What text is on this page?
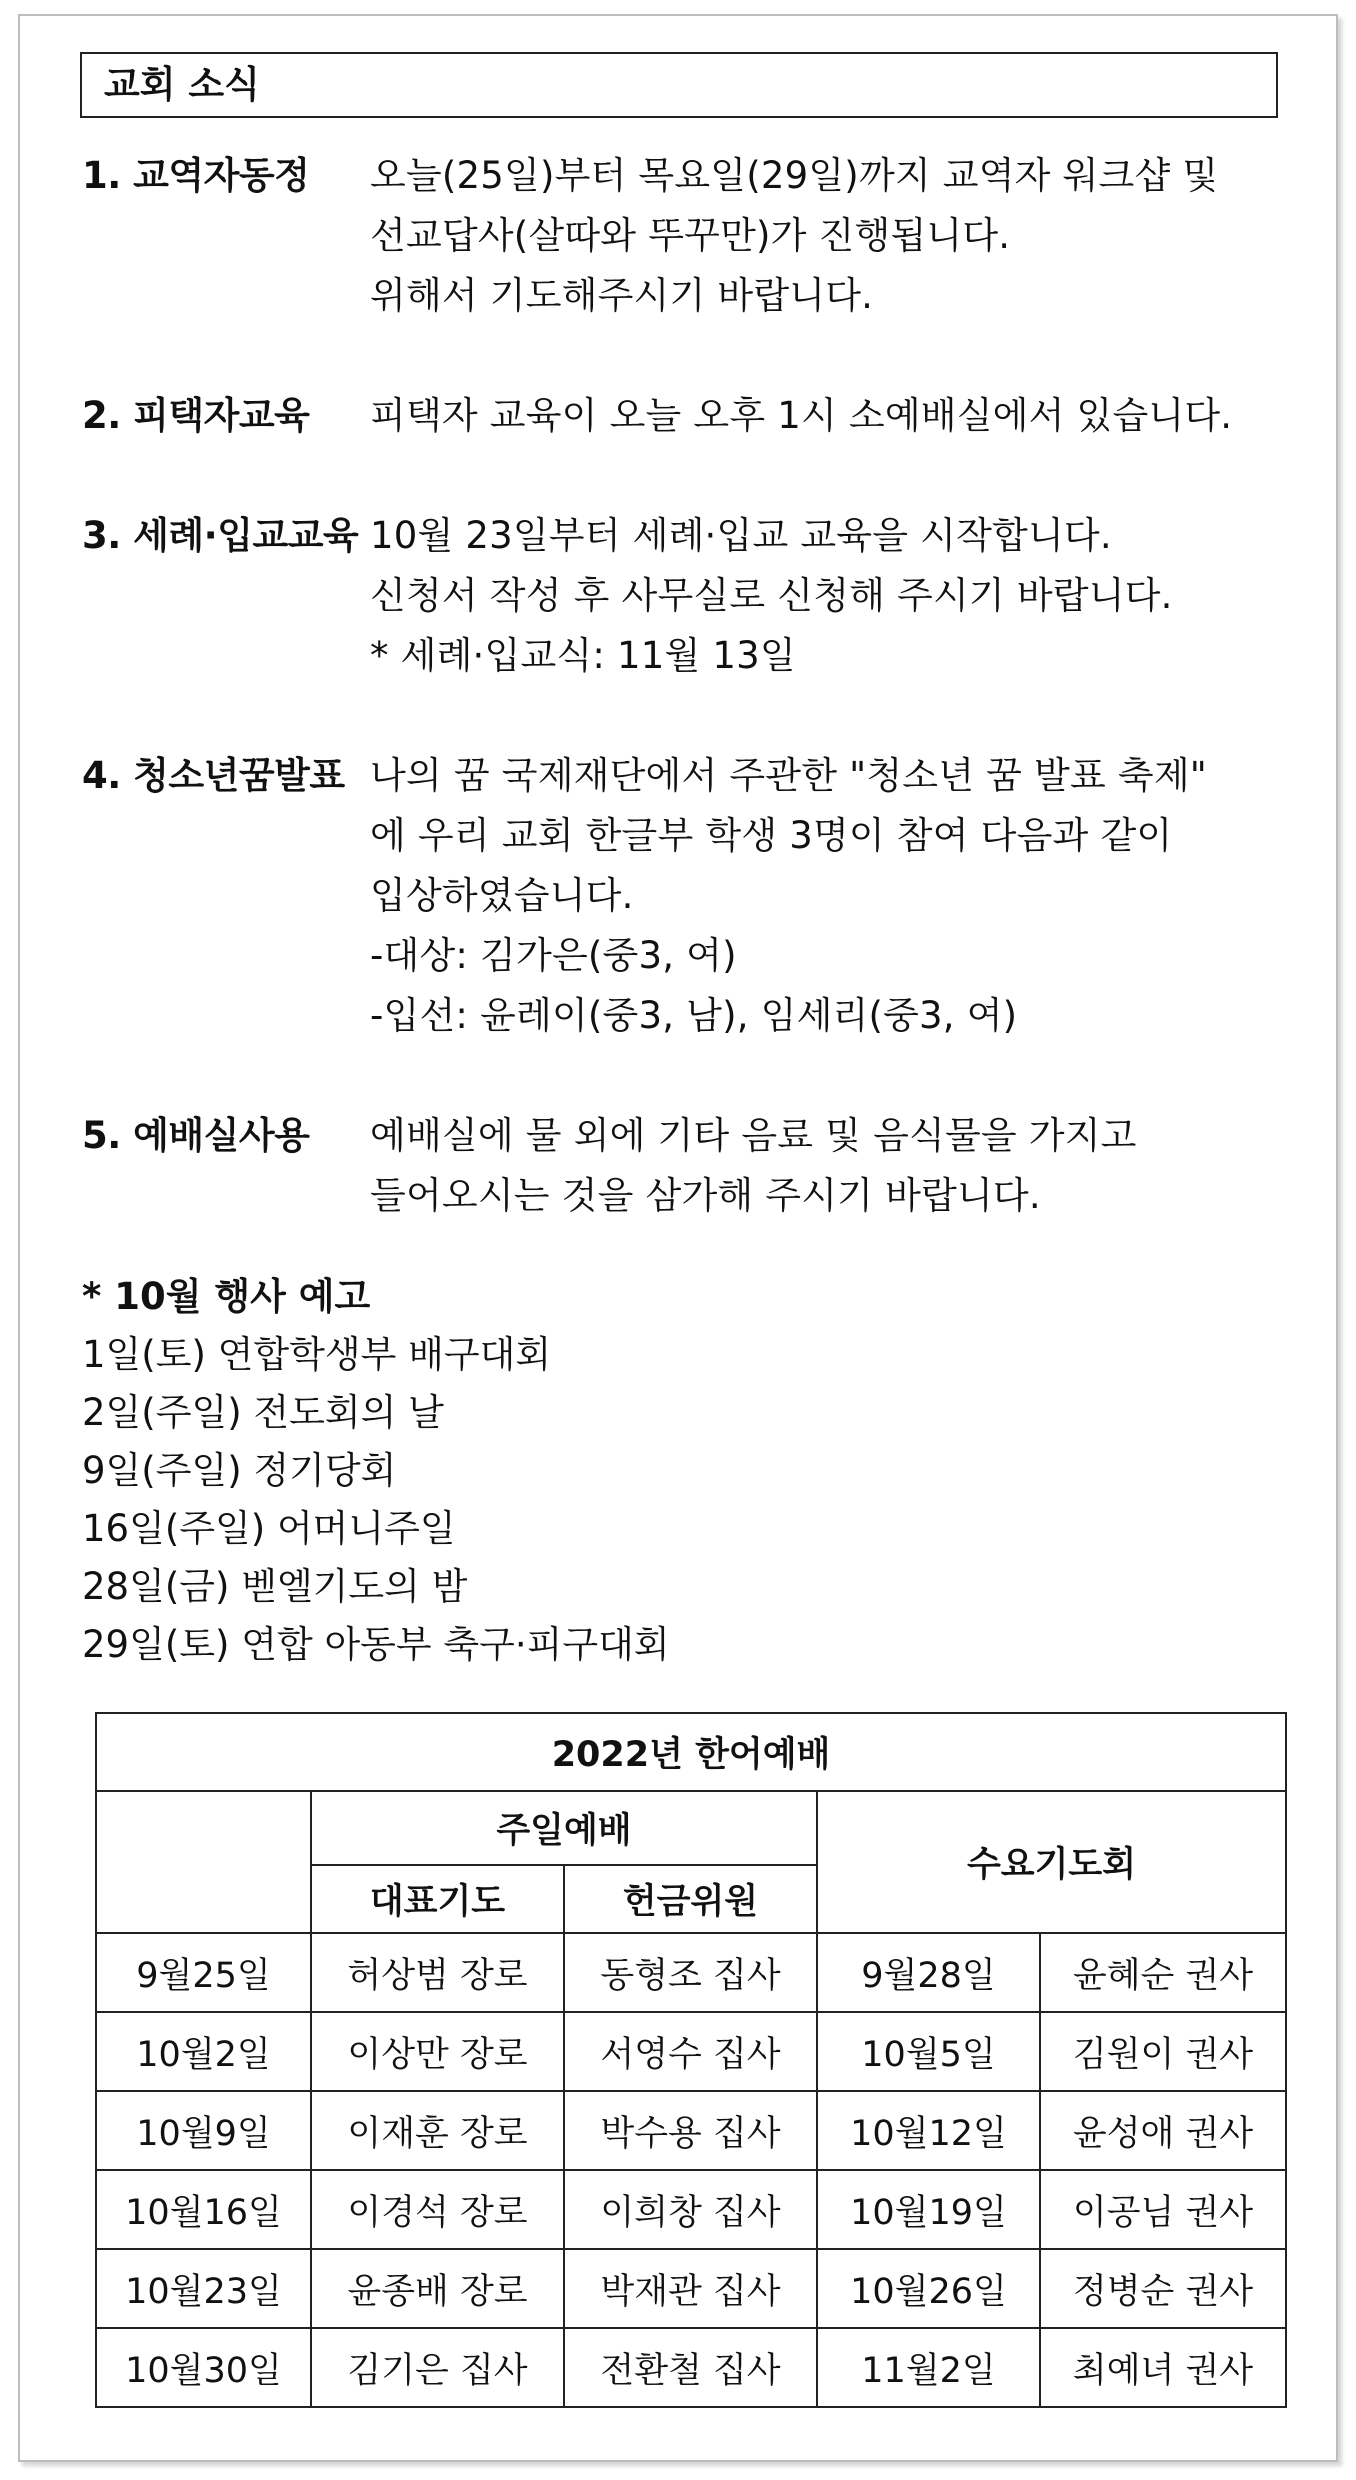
교회 소식
1. 교역자동정	오늘(25일)부터 목요일(29일)까지 교역자 워크샵 및
선교답사(살따와 뚜꾸만)가 진행됩니다.
위해서 기도해주시기 바랍니다.
2. 피택자교육	피택자 교육이 오늘 오후 1시 소예배실에서 있습니다.
3. 세례·입교교육 10월 23일부터 세례·입교 교육을 시작합니다.
신청서 작성 후 사무실로 신청해 주시기 바랍니다.
* 세례·입교식: 11월 13일
4. 청소년꿈발표 나의 꿈 국제재단에서 주관한 "청소년 꿈 발표 축제"
에 우리 교회 한글부 학생 3명이 참여 다음과 같이
입상하였습니다.
-대상: 김가은(중3, 여)
-입선: 윤레이(중3, 남), 임세리(중3, 여)
5. 예배실사용	예배실에 물 외에 기타 음료 및 음식물을 가지고
들어오시는 것을 삼가해 주시기 바랍니다.
* 10월 행사 예고
1일(토) 연합학생부 배구대회
2일(주일) 전도회의 날
9일(주일) 정기당회
16일(주일) 어머니주일
28일(금) 벧엘기도의 밤
29일(토) 연합 아동부 축구·피구대회
2022년 한어예배				
	주일예배		수요기도회	
	대표기도	헌금위원		
9월25일	허상범 장로	동형조 집사	9월28일	윤혜순 권사
10월2일	이상만 장로	서영수 집사	10월5일	김원이 권사
10월9일	이재훈 장로	박수용 집사	10월12일	윤성애 권사
10월16일	이경석 장로	이희창 집사	10월19일	이공님 권사
10월23일	윤종배 장로	박재관 집사	10월26일	정병순 권사
10월30일	김기은 집사	전환철 집사	11월2일	최예녀 권사
